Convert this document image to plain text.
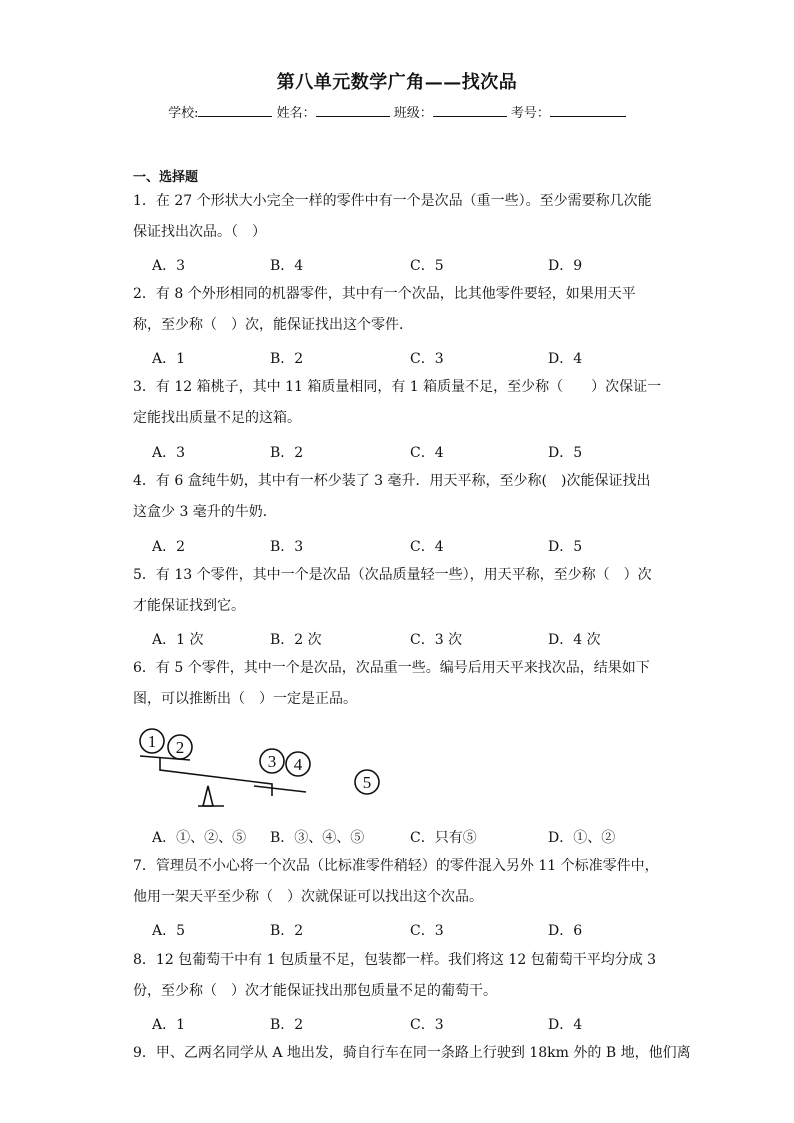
第八单元数学广角——找次品
学校:	姓名：	班级：	考号：
一、选择题
1．在 27 个形状大小完全一样的零件中有一个是次品（重一些）。至少需要称几次能保证找出次品。（　）
A．3	B．4	C．5	D．9
2．有 8 个外形相同的机器零件，其中有一个次品，比其他零件要轻，如果用天平称，至少称（　）次，能保证找出这个零件．
A．1	B．2	C．3	D．4
3．有 12 箱桃子，其中 11 箱质量相同，有 1 箱质量不足，至少称（　　）次保证一定能找出质量不足的这箱。
A．3	B．2	C．4	D．5
4．有 6 盒纯牛奶，其中有一杯少装了 3 毫升．用天平称，至少称(　)次能保证找出这盒少 3 毫升的牛奶．
A．2	B．3	C．4	D．5
5．有 13 个零件，其中一个是次品（次品质量轻一些），用天平称，至少称（　）次才能保证找到它。
A．1 次	B．2 次	C．3 次	D．4 次
6．有 5 个零件，其中一个是次品，次品重一些。编号后用天平来找次品，结果如下图，可以推断出（　）一定是正品。
1 2
3 4
5
A．①、②、⑤ B．③、④、⑤	C．只有⑤	D．①、②
7．管理员不小心将一个次品（比标准零件稍轻）的零件混入另外 11 个标准零件中，他用一架天平至少称（　）次就保证可以找出这个次品。
A．5	B．2	C．3	D．6
8．12 包葡萄干中有 1 包质量不足，包装都一样。我们将这 12 包葡萄干平均分成 3 份，至少称（　）次才能保证找出那包质量不足的葡萄干。
A．1	B．2	C．3	D．4
9．甲、乙两名同学从 A 地出发，骑自行车在同一条路上行驶到 18km 外的 B 地，他们离
